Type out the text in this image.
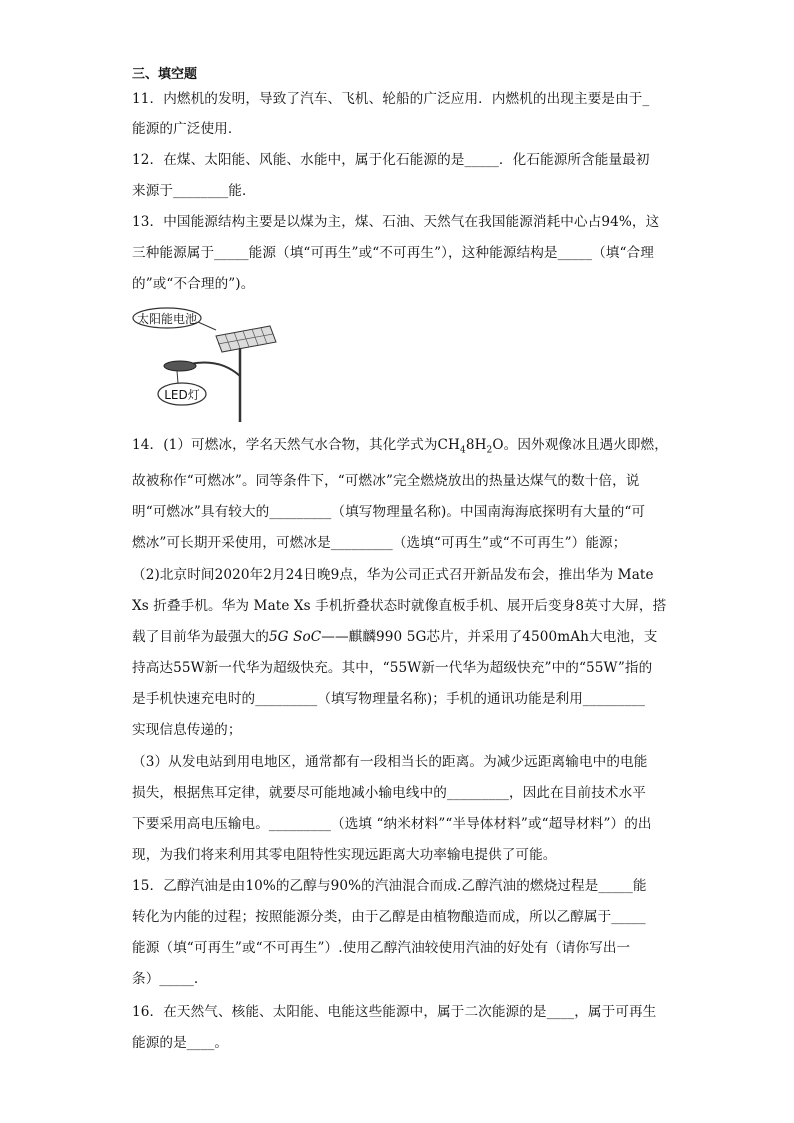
三、填空题
11．内燃机的发明，导致了汽车、飞机、轮船的广泛应用．内燃机的出现主要是由于_
能源的广泛使用．
12．在煤、太阳能、风能、水能中，属于化石能源的是_____．化石能源所含能量最初
来源于________能．
13．中国能源结构主要是以煤为主，煤、石油、天然气在我国能源消耗中心占94%，这
三种能源属于_____能源（填“可再生”或“不可再生”），这种能源结构是_____（填“合理
的”或“不合理的”)。
太阳能电池
LED灯
14．(1）可燃冰，学名天然气水合物，其化学式为$CH_48H_2O$。因外观像冰且遇火即燃，
故被称作“可燃冰”。同等条件下，“可燃冰”完全燃烧放出的热量达煤气的数十倍，说
明“可燃冰”具有较大的_________（填写物理量名称)。中国南海海底探明有大量的“可
燃冰”可长期开采使用，可燃冰是_________（选填“可再生”或“不可再生”）能源；
（2)北京时间2020年2月24日晚9点，华为公司正式召开新品发布会，推出华为 Mate
Xs 折叠手机。华为 Mate Xs 手机折叠状态时就像直板手机、展开后变身8英寸大屏，搭
载了目前华为最强大的5G SoC——麒麟990 5G芯片，并采用了4500mAh大电池，支
持高达55W新一代华为超级快充。其中，“55W新一代华为超级快充”中的“55W”指的
是手机快速充电时的_________（填写物理量名称)；手机的通讯功能是利用_________
实现信息传递的；
（3）从发电站到用电地区，通常都有一段相当长的距离。为减少远距离输电中的电能
损失，根据焦耳定律，就要尽可能地减小输电线中的_________，因此在目前技术水平
下要采用高电压输电。_________（选填 “纳米材料”“半导体材料”或“超导材料”）的出
现，为我们将来利用其零电阻特性实现远距离大功率输电提供了可能。
15．乙醇汽油是由10%的乙醇与90%的汽油混合而成.乙醇汽油的燃烧过程是_____能
转化为内能的过程；按照能源分类，由于乙醇是由植物酿造而成，所以乙醇属于_____
能源（填“可再生”或“不可再生”）.使用乙醇汽油较使用汽油的好处有（请你写出一
条）_____.
16．在天然气、核能、太阳能、电能这些能源中，属于二次能源的是____，属于可再生
能源的是____。
